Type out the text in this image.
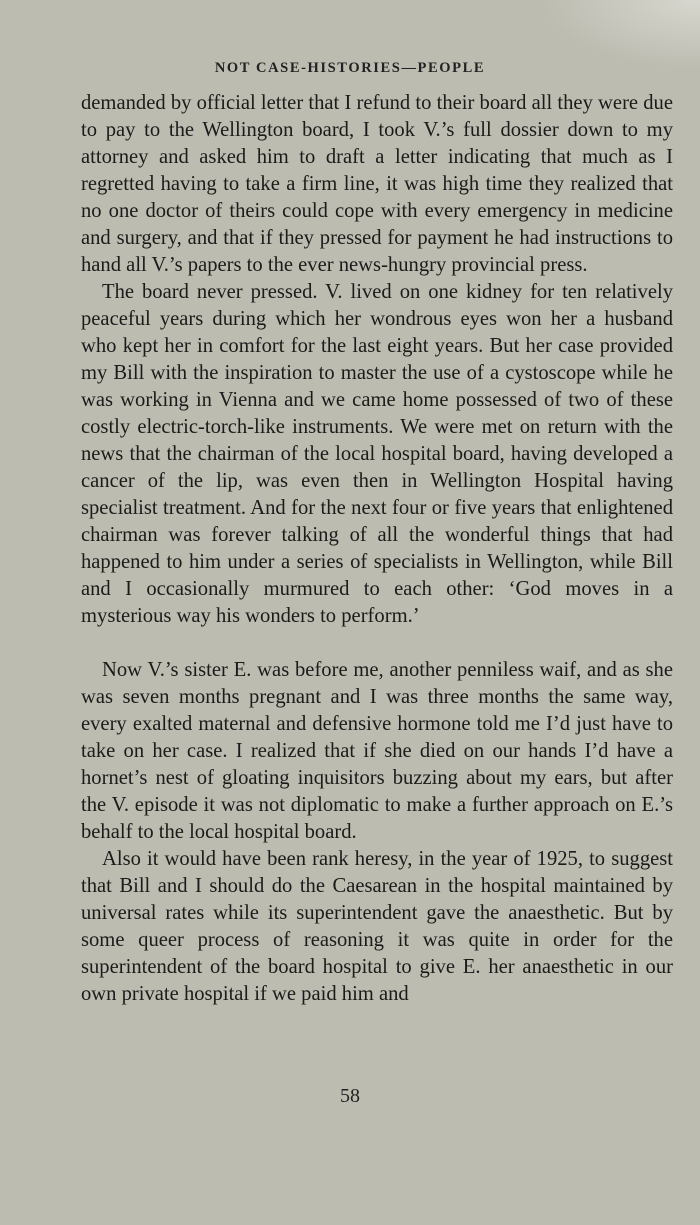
NOT CASE-HISTORIES—PEOPLE

demanded by official letter that I refund to their board all they were due to pay to the Wellington board, I took V.’s full dossier down to my attorney and asked him to draft a letter indicating that much as I regretted having to take a firm line, it was high time they realized that no one doctor of theirs could cope with every emergency in medicine and surgery, and that if they pressed for payment he had instructions to hand all V.’s papers to the ever news-hungry provincial press.

The board never pressed. V. lived on one kidney for ten relatively peaceful years during which her wondrous eyes won her a husband who kept her in comfort for the last eight years. But her case provided my Bill with the inspiration to master the use of a cystoscope while he was working in Vienna and we came home possessed of two of these costly electric-torch-like instruments. We were met on return with the news that the chairman of the local hospital board, having developed a cancer of the lip, was even then in Wellington Hospital having specialist treatment. And for the next four or five years that enlightened chairman was forever talking of all the wonderful things that had happened to him under a series of specialists in Wellington, while Bill and I occasionally murmured to each other: ‘God moves in a mysterious way his wonders to perform.’

Now V.’s sister E. was before me, another penniless waif, and as she was seven months pregnant and I was three months the same way, every exalted maternal and defensive hormone told me I’d just have to take on her case. I realized that if she died on our hands I’d have a hornet’s nest of gloating inquisitors buzzing about my ears, but after the V. episode it was not diplomatic to make a further approach on E.’s behalf to the local hospital board.

Also it would have been rank heresy, in the year of 1925, to suggest that Bill and I should do the Caesarean in the hospital maintained by universal rates while its superintendent gave the anaesthetic. But by some queer process of reasoning it was quite in order for the superintendent of the board hospital to give E. her anaesthetic in our own private hospital if we paid him and

58
